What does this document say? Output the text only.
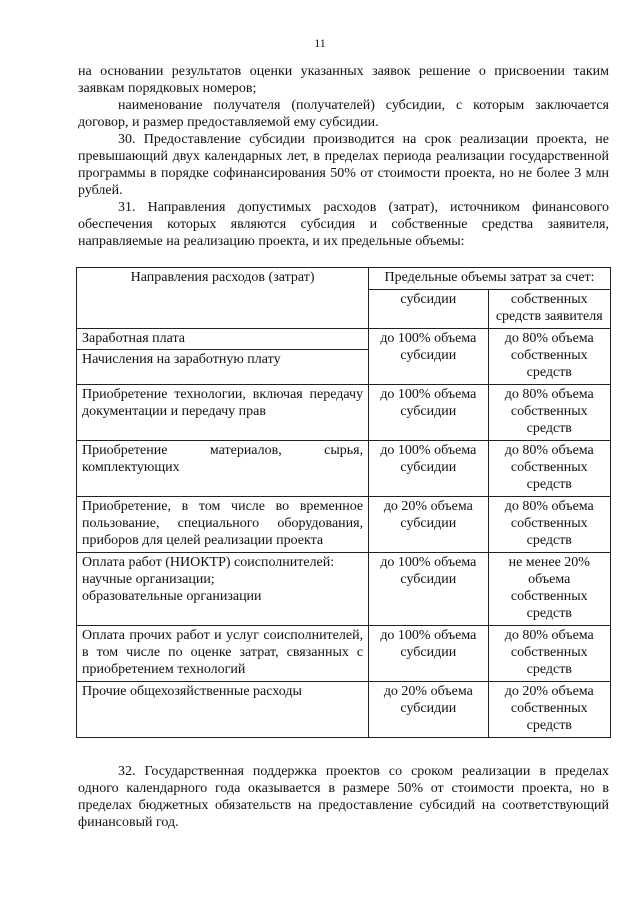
11

на основании результатов оценки указанных заявок решение о присвоении таким заявкам порядковых номеров;

наименование получателя (получателей) субсидии, с которым заключается договор, и размер предоставляемой ему субсидии.

30. Предоставление субсидии производится на срок реализации проекта, не превышающий двух календарных лет, в пределах периода реализации государственной программы в порядке софинансирования 50% от стоимости проекта, но не более 3 млн рублей.

31. Направления допустимых расходов (затрат), источником финансового обеспечения которых являются субсидия и собственные средства заявителя, направляемые на реализацию проекта, и их предельные объемы:

Направления расходов (затрат)	Предельные объемы затрат за счет:	
	субсидии	собственных средств заявителя

Заработная плата
Начисления на заработную плату	до 100% объема субсидии	до 80% объема собственных средств
Приобретение технологии, включая передачу документации и передачу прав	до 100% объема субсидии	до 80% объема собственных средств
Приобретение материалов, сырья, комплектующих	до 100% объема субсидии	до 80% объема собственных средств
Приобретение, в том числе во временное пользование, специального оборудования, приборов для целей реализации проекта	до 20% объема субсидии	до 80% объема собственных средств

Оплата работ (НИОКТР) соисполнителей:
научные организации;
образовательные организации	до 100% объема субсидии	не менее 20% объема собственных средств
Оплата прочих работ и услуг соисполнителей, в том числе по оценке затрат, связанных с приобретением технологий	до 100% объема субсидии	до 80% объема собственных средств
Прочие общехозяйственные расходы	до 20% объема субсидии	до 20% объема собственных средств

32. Государственная поддержка проектов со сроком реализации в пределах одного календарного года оказывается в размере 50% от стоимости проекта, но в пределах бюджетных обязательств на предоставление субсидий на соответствующий финансовый год.
